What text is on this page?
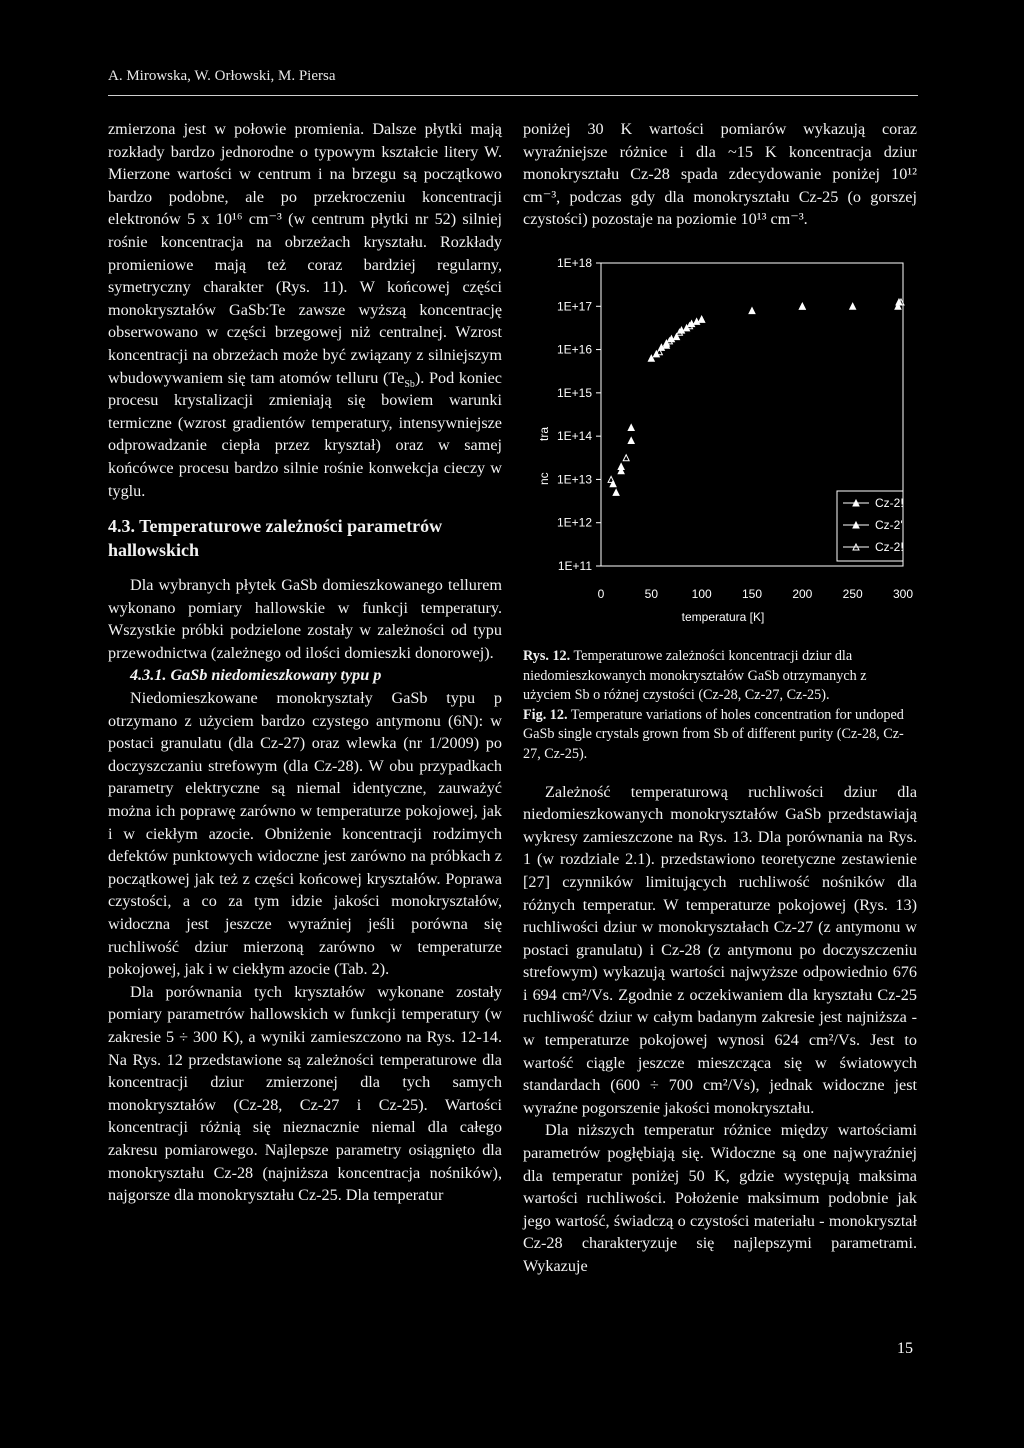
A. Mirowska, W. Orłowski, M. Piersa

zmierzona jest w połowie promienia. Dalsze płytki mają rozkłady bardzo jednorodne o typowym kształcie litery W. Mierzone wartości w centrum i na brzegu są początkowo bardzo podobne, ale po przekroczeniu koncentracji elektronów 5 x 10¹⁶ cm⁻³ (w centrum płytki nr 52) silniej rośnie koncentracja na obrzeżach kryształu. Rozkłady promieniowe mają też coraz bardziej regularny, symetryczny charakter (Rys. 11). W końcowej części monokryształów GaSb:Te zawsze wyższą koncentrację obserwowano w części brzegowej niż centralnej. Wzrost koncentracji na obrzeżach może być związany z silniejszym wbudowywaniem się tam atomów telluru $(Te_{Sb})$. Pod koniec procesu krystalizacji zmieniają się bowiem warunki termiczne (wzrost gradientów temperatury, intensywniejsze odprowadzanie ciepła przez kryształ) oraz w samej końcówce procesu bardzo silnie rośnie konwekcja cieczy w tyglu.

4.3. Temperaturowe zależności parametrów hallowskich

Dla wybranych płytek GaSb domieszkowanego tellurem wykonano pomiary hallowskie w funkcji temperatury. Wszystkie próbki podzielone zostały w zależności od typu przewodnictwa (zależnego od ilości domieszki donorowej).

4.3.1. GaSb niedomieszkowany typu p

Niedomieszkowane monokryształy GaSb typu p otrzymano z użyciem bardzo czystego antymonu (6N): w postaci granulatu (dla Cz-27) oraz wlewka (nr 1/2009) po doczyszczaniu strefowym (dla Cz-28). W obu przypadkach parametry elektryczne są niemal identyczne, zauważyć można ich poprawę zarówno w temperaturze pokojowej, jak i w ciekłym azocie. Obniżenie koncentracji rodzimych defektów punktowych widoczne jest zarówno na próbkach z początkowej jak też z części końcowej kryształów. Poprawa czystości, a co za tym idzie jakości monokryształów, widoczna jest jeszcze wyraźniej jeśli porówna się ruchliwość dziur mierzoną zarówno w temperaturze pokojowej, jak i w ciekłym azocie (Tab. 2).

Dla porównania tych kryształów wykonane zostały pomiary parametrów hallowskich w funkcji temperatury (w zakresie 5 ÷ 300 K), a wyniki zamieszczono na Rys. 12-14. Na Rys. 12 przedstawione są zależności temperaturowe dla koncentracji dziur zmierzonej dla tych samych monokryształów (Cz-28, Cz-27 i Cz-25). Wartości koncentracji różnią się nieznacznie niemal dla całego zakresu pomiarowego. Najlepsze parametry osiągnięto dla monokryształu Cz-28 (najniższa koncentracja nośników), najgorsze dla monokryształu Cz-25. Dla temperatur

poniżej 30 K wartości pomiarów wykazują coraz wyraźniejsze różnice i dla ~15 K koncentracja dziur monokryształu Cz-28 spada zdecydowanie poniżej 10¹² cm⁻³, podczas gdy dla monokryształu Cz-25 (o gorszej czystości) pozostaje na poziomie 10¹³ cm⁻³.

1E+18
1E+17
1E+16
1E+15
1E+14
1E+13
1E+12
1E+11
0	50	100	150	200	250	300
Cz-2!
Cz-2'
Cz-2!
temperatura [K]
tra
nc
Rys. 12. Temperaturowe zależności koncentracji dziur dla niedomieszkowanych monokryształów GaSb otrzymanych z użyciem Sb o różnej czystości (Cz-28, Cz-27, Cz-25).
Fig. 12. Temperature variations of holes concentration for undoped GaSb single crystals grown from Sb of different purity (Cz-28, Cz-27, Cz-25).

Zależność temperaturową ruchliwości dziur dla niedomieszkowanych monokryształów GaSb przedstawiają wykresy zamieszczone na Rys. 13. Dla porównania na Rys. 1 (w rozdziale 2.1). przedstawiono teoretyczne zestawienie [27] czynników limitujących ruchliwość nośników dla różnych temperatur. W temperaturze pokojowej (Rys. 13) ruchliwości dziur w monokryształach Cz-27 (z antymonu w postaci granulatu) i Cz-28 (z antymonu po doczyszczeniu strefowym) wykazują wartości najwyższe odpowiednio 676 i 694 cm²/Vs. Zgodnie z oczekiwaniem dla kryształu Cz-25 ruchliwość dziur w całym badanym zakresie jest najniższa - w temperaturze pokojowej wynosi 624 cm²/Vs. Jest to wartość ciągle jeszcze mieszcząca się w światowych standardach (600 ÷ 700 cm²/Vs), jednak widoczne jest wyraźne pogorszenie jakości monokryształu.

Dla niższych temperatur różnice między wartościami parametrów pogłębiają się. Widoczne są one najwyraźniej dla temperatur poniżej 50 K, gdzie występują maksima wartości ruchliwości. Położenie maksimum podobnie jak jego wartość, świadczą o czystości materiału - monokryształ Cz-28 charakteryzuje się najlepszymi parametrami. Wykazuje

15
